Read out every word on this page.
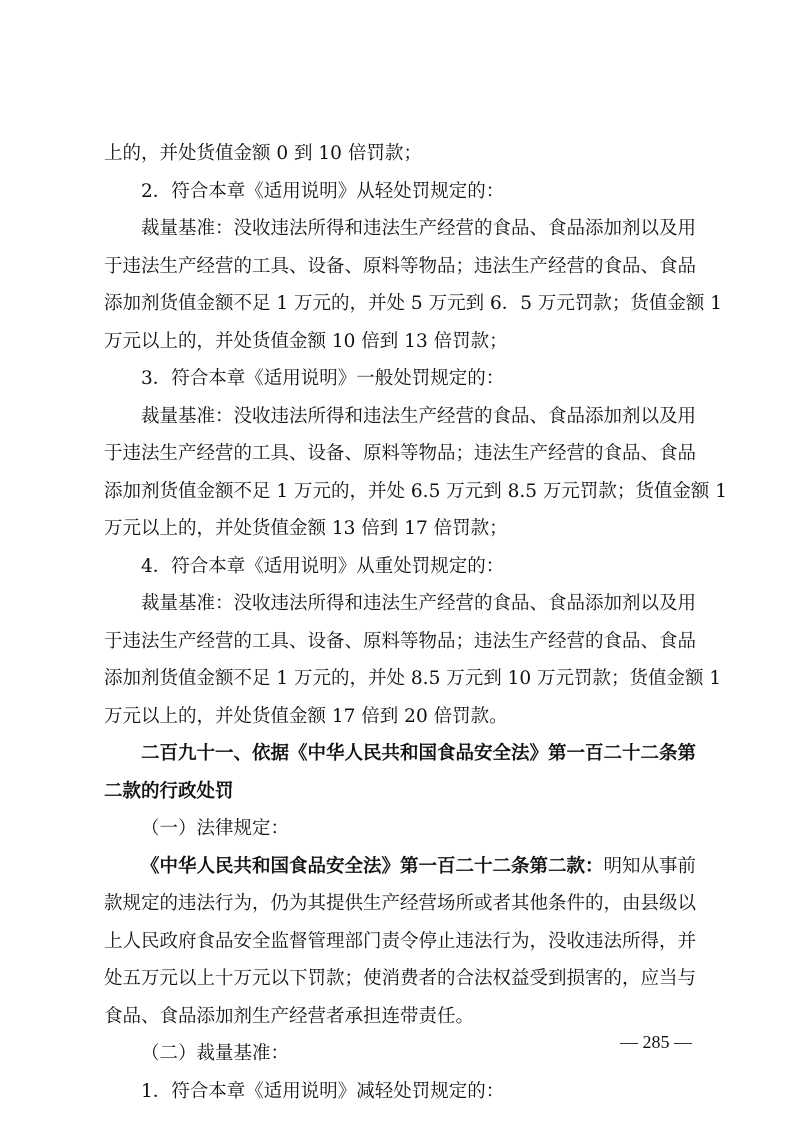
上的，并处货值金额 0 到 10 倍罚款；
2．符合本章《适用说明》从轻处罚规定的：
裁量基准：没收违法所得和违法生产经营的食品、食品添加剂以及用
于违法生产经营的工具、设备、原料等物品；违法生产经营的食品、食品
添加剂货值金额不足 1 万元的，并处 5 万元到 6．5 万元罚款；货值金额 1
万元以上的，并处货值金额 10 倍到 13 倍罚款；
3．符合本章《适用说明》一般处罚规定的：
裁量基准：没收违法所得和违法生产经营的食品、食品添加剂以及用
于违法生产经营的工具、设备、原料等物品；违法生产经营的食品、食品
添加剂货值金额不足 1 万元的，并处 6.5 万元到 8.5 万元罚款；货值金额 1
万元以上的，并处货值金额 13 倍到 17 倍罚款；
4．符合本章《适用说明》从重处罚规定的：
裁量基准：没收违法所得和违法生产经营的食品、食品添加剂以及用
于违法生产经营的工具、设备、原料等物品；违法生产经营的食品、食品
添加剂货值金额不足 1 万元的，并处 8.5 万元到 10 万元罚款；货值金额 1
万元以上的，并处货值金额 17 倍到 20 倍罚款。
二百九十一、依据《中华人民共和国食品安全法》第一百二十二条第
二款的行政处罚
（一）法律规定：
《中华人民共和国食品安全法》第一百二十二条第二款：明知从事前
款规定的违法行为，仍为其提供生产经营场所或者其他条件的，由县级以
上人民政府食品安全监督管理部门责令停止违法行为，没收违法所得，并
处五万元以上十万元以下罚款；使消费者的合法权益受到损害的，应当与
食品、食品添加剂生产经营者承担连带责任。
（二）裁量基准：
1．符合本章《适用说明》减轻处罚规定的：
— 285 —
